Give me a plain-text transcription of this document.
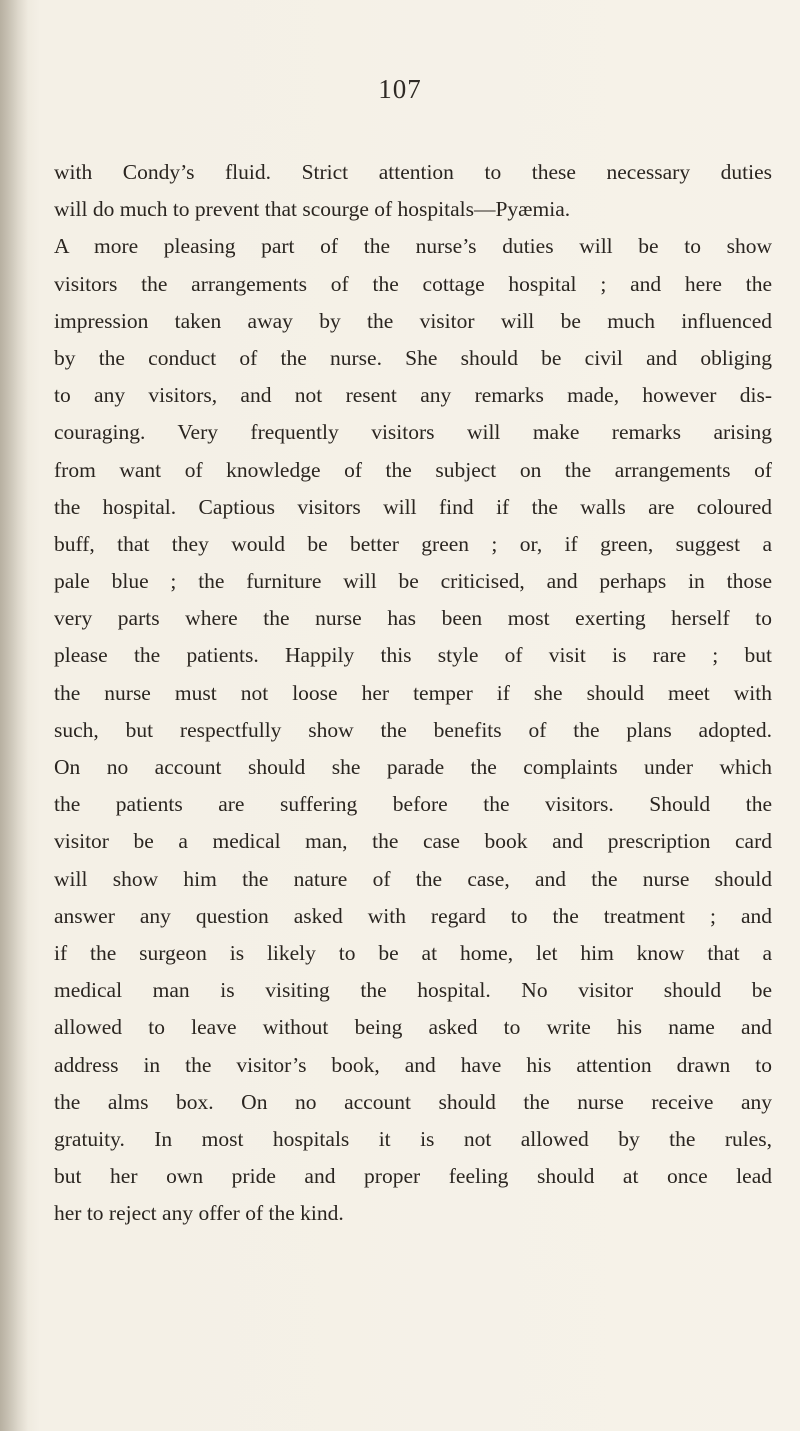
107
with Condy’s fluid. Strict attention to these necessary duties
will do much to prevent that scourge of hospitals—Pyæmia.
A more pleasing part of the nurse’s duties will be to show
visitors the arrangements of the cottage hospital ; and here the
impression taken away by the visitor will be much influenced
by the conduct of the nurse. She should be civil and obliging
to any visitors, and not resent any remarks made, however dis-
couraging. Very frequently visitors will make remarks arising
from want of knowledge of the subject on the arrangements of
the hospital. Captious visitors will find if the walls are coloured
buff, that they would be better green ; or, if green, suggest a
pale blue ; the furniture will be criticised, and perhaps in those
very parts where the nurse has been most exerting herself to
please the patients. Happily this style of visit is rare ; but
the nurse must not loose her temper if she should meet with
such, but respectfully show the benefits of the plans adopted.
On no account should she parade the complaints under which
the patients are suffering before the visitors. Should the
visitor be a medical man, the case book and prescription card
will show him the nature of the case, and the nurse should
answer any question asked with regard to the treatment ; and
if the surgeon is likely to be at home, let him know that a
medical man is visiting the hospital. No visitor should be
allowed to leave without being asked to write his name and
address in the visitor’s book, and have his attention drawn to
the alms box. On no account should the nurse receive any
gratuity. In most hospitals it is not allowed by the rules,
but her own pride and proper feeling should at once lead
her to reject any offer of the kind.
